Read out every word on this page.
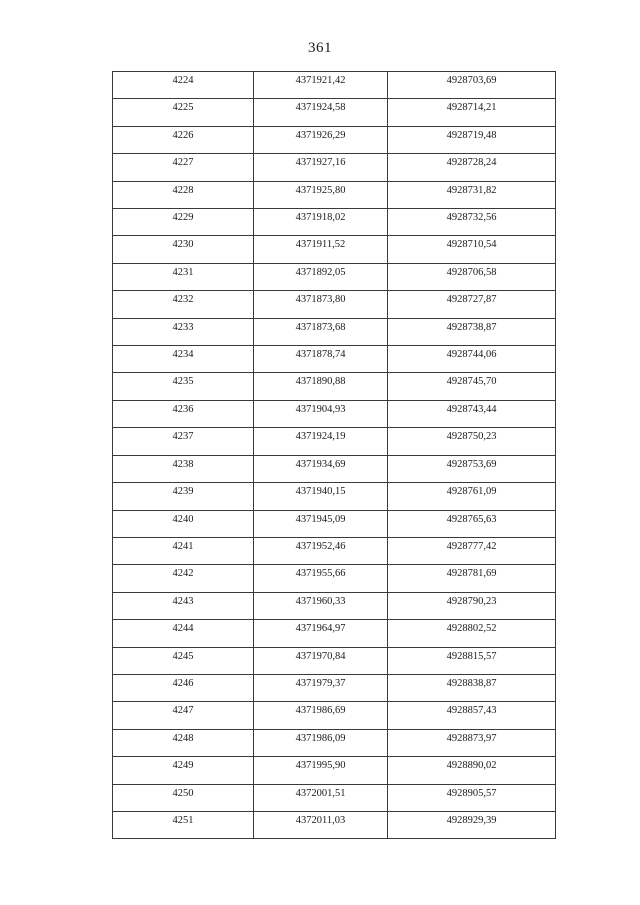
361
4224	4371921,42	4928703,69
4225	4371924,58	4928714,21
4226	4371926,29	4928719,48
4227	4371927,16	4928728,24
4228	4371925,80	4928731,82
4229	4371918,02	4928732,56
4230	4371911,52	4928710,54
4231	4371892,05	4928706,58
4232	4371873,80	4928727,87
4233	4371873,68	4928738,87
4234	4371878,74	4928744,06
4235	4371890,88	4928745,70
4236	4371904,93	4928743,44
4237	4371924,19	4928750,23
4238	4371934,69	4928753,69
4239	4371940,15	4928761,09
4240	4371945,09	4928765,63
4241	4371952,46	4928777,42
4242	4371955,66	4928781,69
4243	4371960,33	4928790,23
4244	4371964,97	4928802,52
4245	4371970,84	4928815,57
4246	4371979,37	4928838,87
4247	4371986,69	4928857,43
4248	4371986,09	4928873,97
4249	4371995,90	4928890,02
4250	4372001,51	4928905,57
4251	4372011,03	4928929,39
